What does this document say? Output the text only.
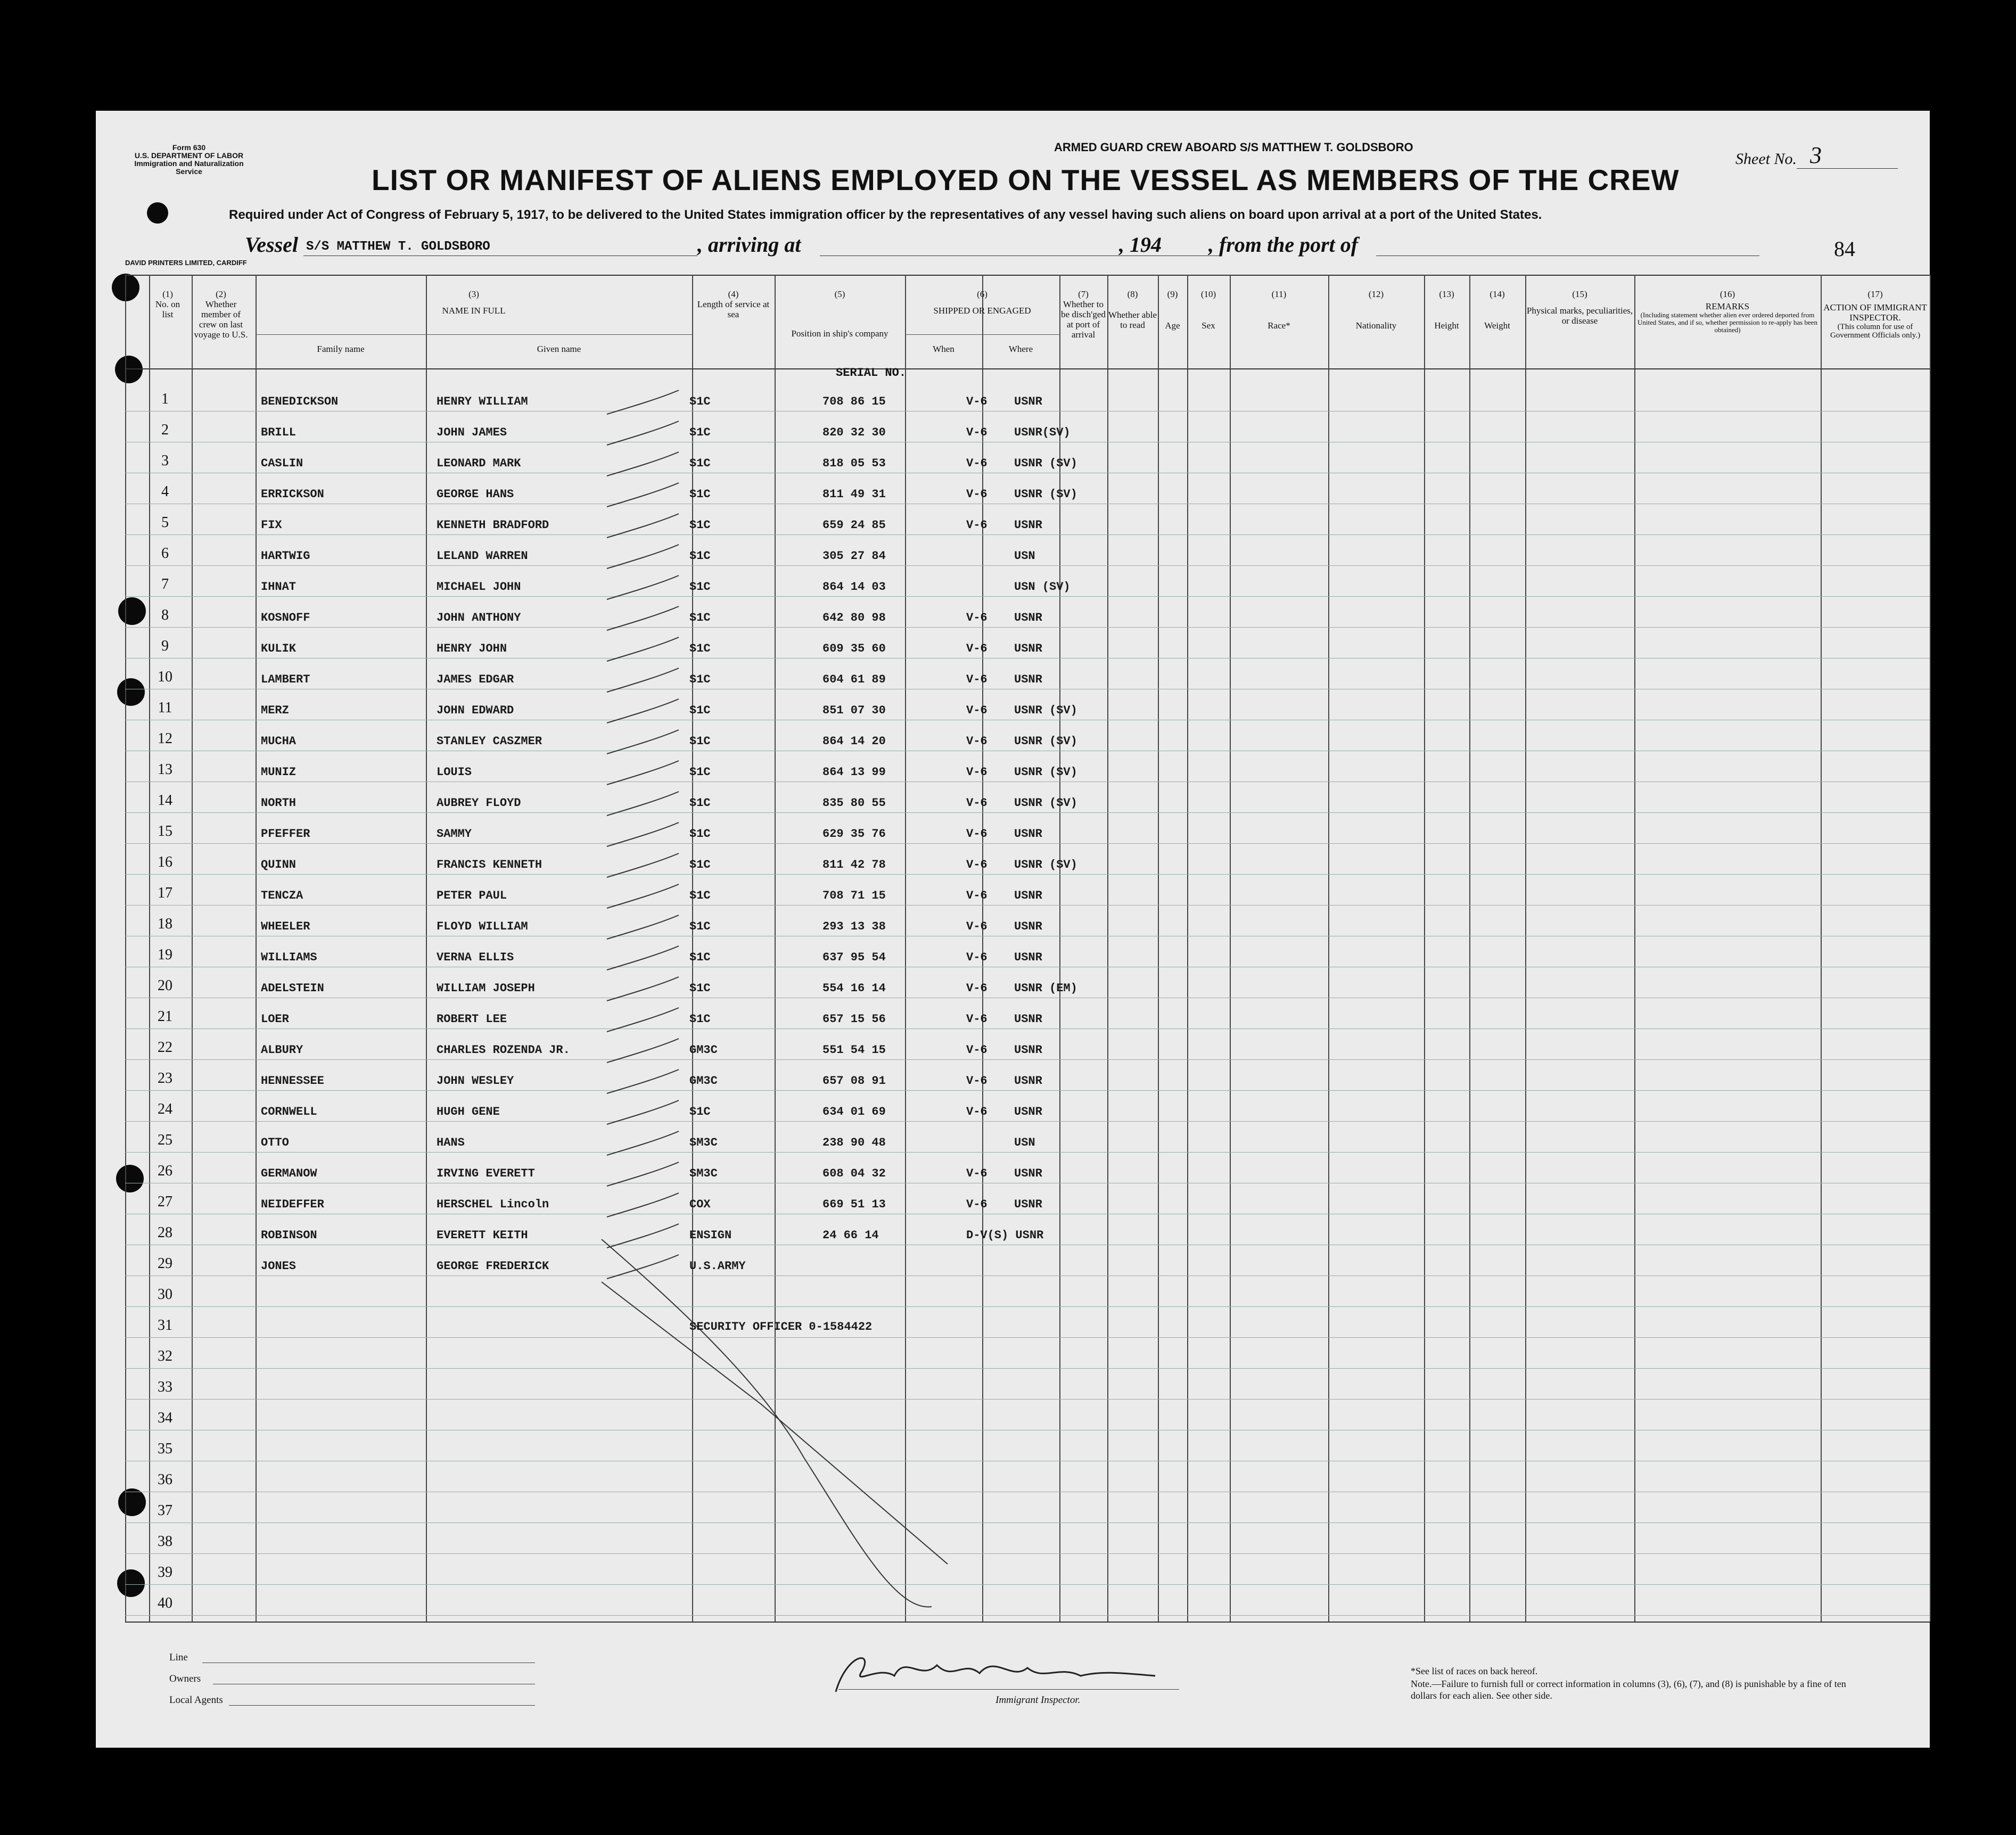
Form 630
U.S. DEPARTMENT OF LABOR
Immigration and Naturalization Service
ARMED GUARD CREW ABOARD S/S MATTHEW T. GOLDSBORO
Sheet No. 3
LIST OR MANIFEST OF ALIENS EMPLOYED ON THE VESSEL AS MEMBERS OF THE CREW
Required under Act of Congress of February 5, 1917, to be delivered to the United States immigration officer by the representatives of any vessel having such aliens on board upon arrival at a port of the United States.
Vessel S/S MATTHEW T. GOLDSBORO	, arriving at	, 194 , from the port of	84
DAVID PRINTERS LIMITED, CARDIFF
(1)
No. on list
(2)
Whether member of crew on last voyage to U.S.
(3)
NAME IN FULL
Family name	Given name
(4)
Length of service at sea
(5)
Position in ship's company
(6)
SHIPPED OR ENGAGED
When	Where
(7)
Whether to be disch'ged at port of arrival
(8)
Whether able to read
(9)
Age
(10)
Sex
(11)
Race*
(12)
Nationality
(13)
Height
(14)
Weight
(15)
Physical marks, peculiarities, or disease
(16)
REMARKS
(Including statement whether alien ever ordered deported from United States, and if so, whether permission to re-apply has been obtained)
(17)
ACTION OF IMMIGRANT INSPECTOR.
(This column for use of Government Officials only.)
SERIAL NO.
1	BENEDICKSON	HENRY WILLIAM	S1C	708 86 15	V-6 USNR
2	BRILL	JOHN JAMES	S1C	820 32 30	V-6 USNR(SV)
3	CASLIN	LEONARD MARK	S1C	818 05 53	V-6 USNR (SV)
4	ERRICKSON	GEORGE HANS	S1C	811 49 31	V-6 USNR (SV)
5	FIX	KENNETH BRADFORD	S1C	659 24 85	V-6 USNR
6	HARTWIG	LELAND WARREN	S1C	305 27 84	USN
7	IHNAT	MICHAEL JOHN	S1C	864 14 03	USN (SV)
8	KOSNOFF	JOHN ANTHONY	S1C	642 80 98	V-6 USNR
9	KULIK	HENRY JOHN	S1C	609 35 60	V-6 USNR
10	LAMBERT	JAMES EDGAR	S1C	604 61 89	V-6 USNR
11	MERZ	JOHN EDWARD	S1C	851 07 30	V-6 USNR (SV)
12	MUCHA	STANLEY CASZMER	S1C	864 14 20	V-6 USNR (SV)
13	MUNIZ	LOUIS	S1C	864 13 99	V-6 USNR (SV)
14	NORTH	AUBREY FLOYD	S1C	835 80 55	V-6 USNR (SV)
15	PFEFFER	SAMMY	S1C	629 35 76	V-6 USNR
16	QUINN	FRANCIS KENNETH	S1C	811 42 78	V-6 USNR (SV)
17	TENCZA	PETER PAUL	S1C	708 71 15	V-6 USNR
18	WHEELER	FLOYD WILLIAM	S1C	293 13 38	V-6 USNR
19	WILLIAMS	VERNA ELLIS	S1C	637 95 54	V-6 USNR
20	ADELSTEIN	WILLIAM JOSEPH	S1C	554 16 14	V-6 USNR (EM)
21	LOER	ROBERT LEE	S1C	657 15 56	V-6 USNR
22	ALBURY	CHARLES ROZENDA JR.	GM3C	551 54 15	V-6 USNR
23	HENNESSEE	JOHN WESLEY	GM3C	657 08 91	V-6 USNR
24	CORNWELL	HUGH GENE	S1C	634 01 69	V-6 USNR
25	OTTO	HANS	SM3C	238 90 48	USN
26	GERMANOW	IRVING EVERETT	SM3C	608 04 32	V-6 USNR
27	NEIDEFFER	HERSCHEL Lincoln	COX	669 51 13	V-6 USNR
28	ROBINSON	EVERETT KEITH	ENSIGN	24 66 14	D-V(S) USNR
29	JONES	GEORGE FREDERICK	U.S.ARMY
30
31
32
33
34
35
36
37
38
39
40
SECURITY OFFICER 0-1584422
Line
Owners
Local Agents	Immigrant Inspector.
*See list of races on back hereof.
Note.—Failure to furnish full or correct information in columns (3), (6), (7), and (8) is punishable by a fine of ten dollars for each alien. See other side.
